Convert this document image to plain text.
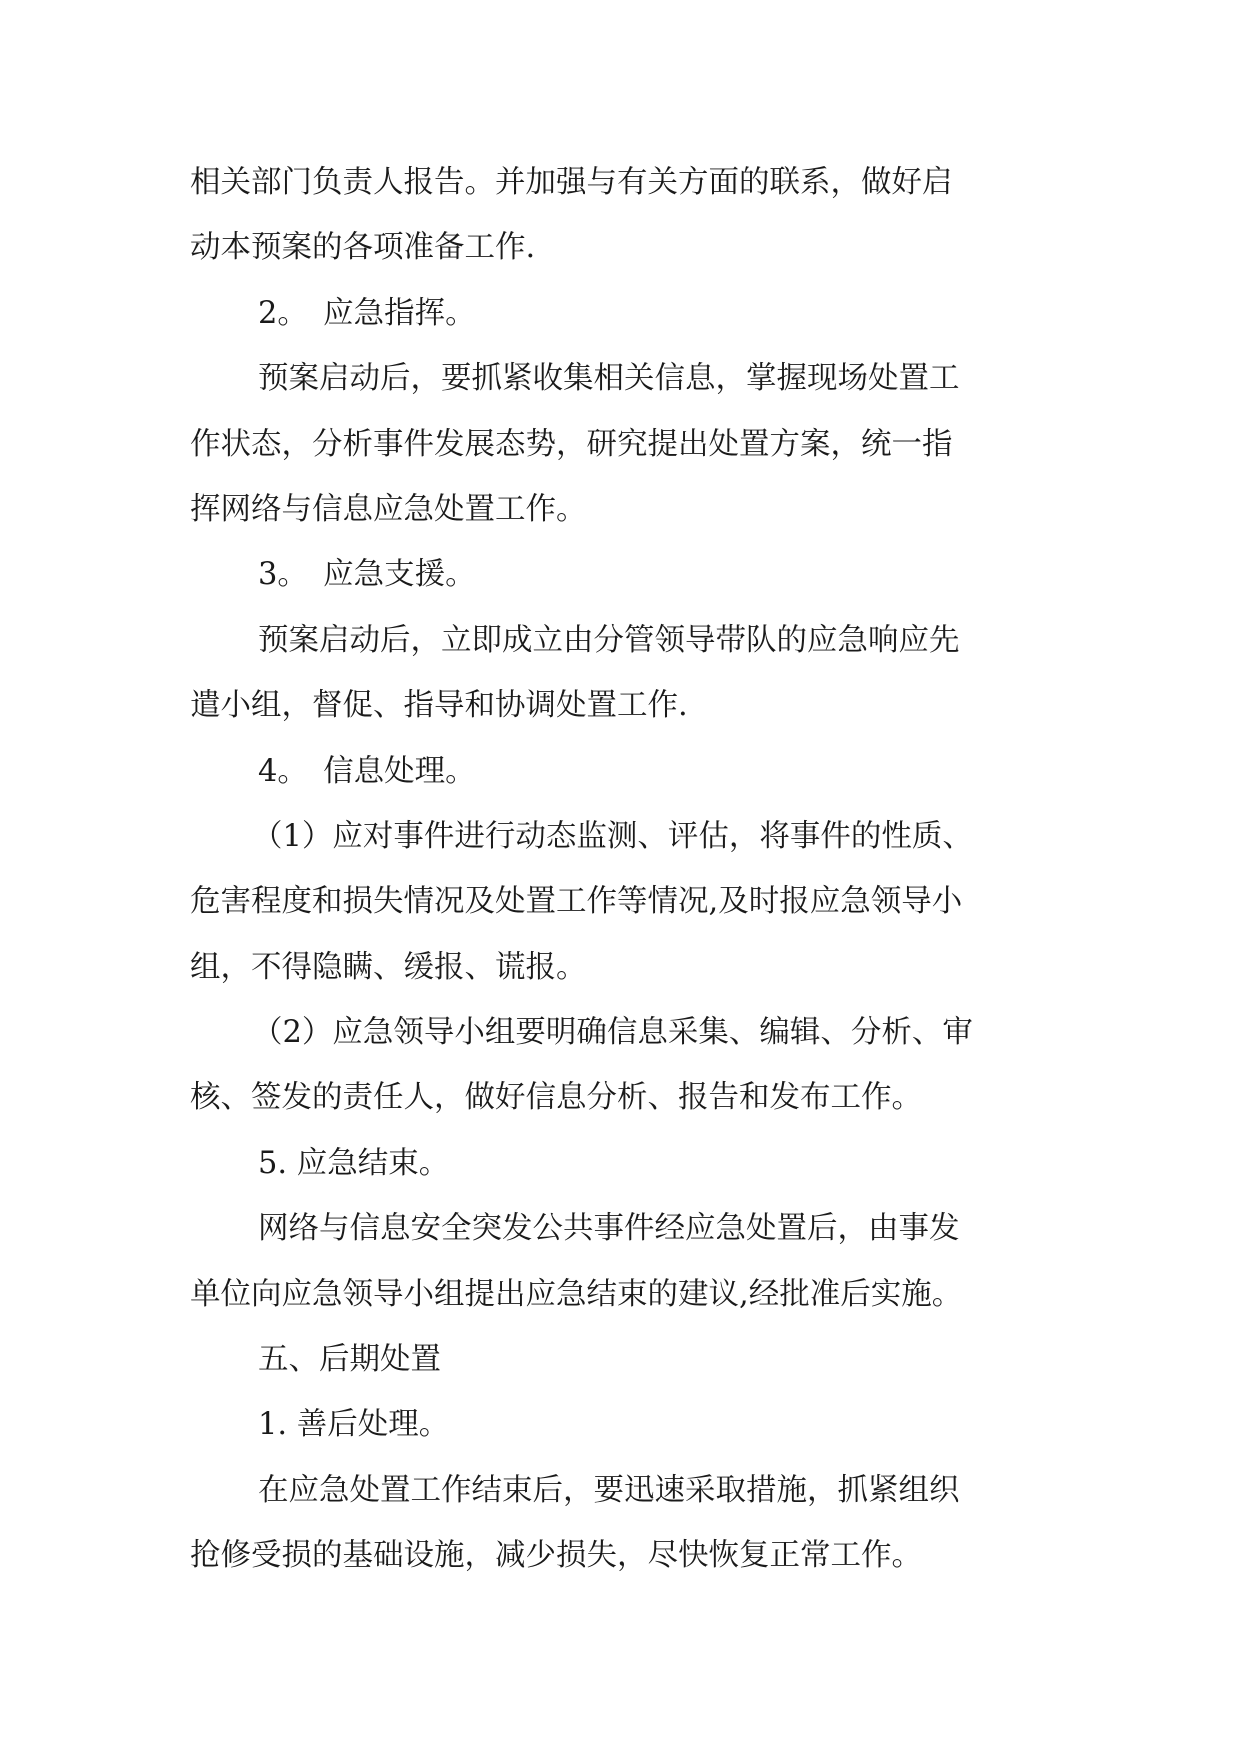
相关部门负责人报告。并加强与有关方面的联系，做好启
动本预案的各项准备工作.
2。　应急指挥。
预案启动后，要抓紧收集相关信息，掌握现场处置工
作状态，分析事件发展态势，研究提出处置方案，统一指
挥网络与信息应急处置工作。
3。　应急支援。
预案启动后，立即成立由分管领导带队的应急响应先
遣小组，督促、指导和协调处置工作.
4。　信息处理。
（1）应对事件进行动态监测、评估，将事件的性质、
危害程度和损失情况及处置工作等情况,及时报应急领导小
组，不得隐瞒、缓报、谎报。
（2）应急领导小组要明确信息采集、编辑、分析、审
核、签发的责任人，做好信息分析、报告和发布工作。
5. 应急结束。
网络与信息安全突发公共事件经应急处置后，由事发
单位向应急领导小组提出应急结束的建议,经批准后实施。
五、后期处置
1. 善后处理。
在应急处置工作结束后，要迅速采取措施，抓紧组织
抢修受损的基础设施，减少损失，尽快恢复正常工作。
